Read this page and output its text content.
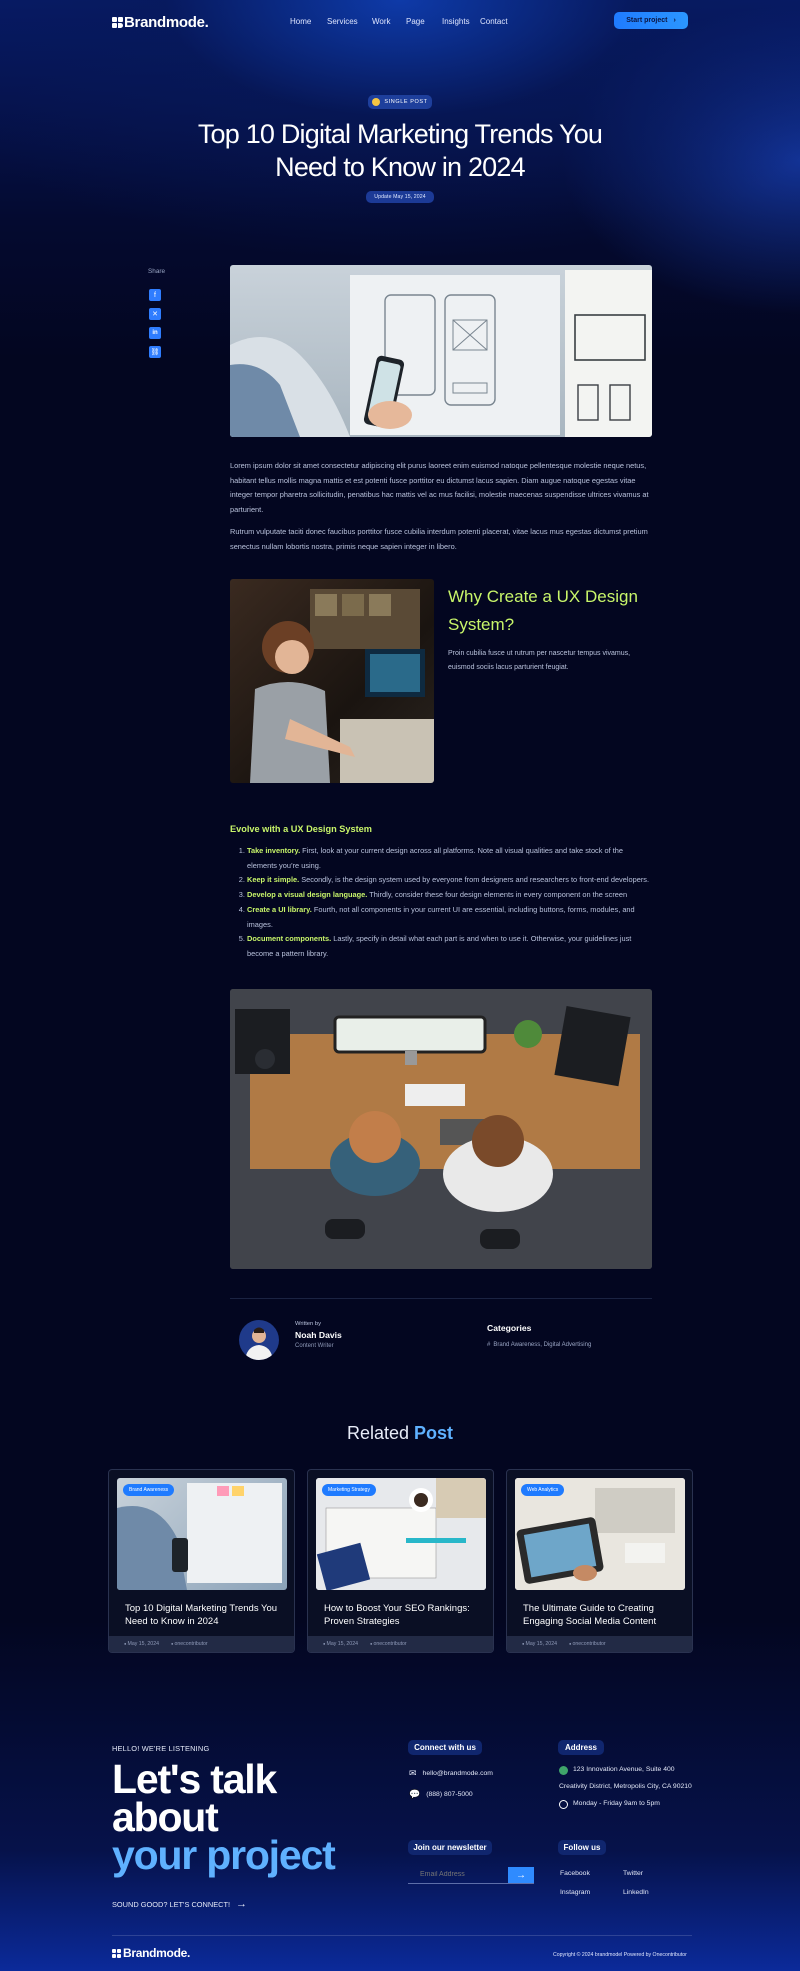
Brandmode.	Home Services Work Page Insights Contact	Start project ›
SINGLE POST
Top 10 Digital Marketing Trends You
Need to Know in 2024
Update May 15, 2024
Share
f
✕
in
⛓

Lorem ipsum dolor sit amet consectetur adipiscing elit purus laoreet enim euismod natoque pellentesque molestie neque netus, habitant tellus mollis magna mattis et est potenti fusce porttitor eu dictumst lacus sapien. Diam augue natoque egestas vitae integer tempor pharetra sollicitudin, penatibus hac mattis vel ac mus facilisi, molestie maecenas suspendisse ultrices vivamus at parturient.

Rutrum vulputate taciti donec faucibus porttitor fusce cubilia interdum potenti placerat, vitae lacus mus egestas dictumst pretium senectus nullam lobortis nostra, primis neque sapien integer in libero.

Why Create a UX Design System?

Proin cubilia fusce ut rutrum per nascetur tempus vivamus, euismod sociis lacus parturient feugiat.

Evolve with a UX Design System
1. Take inventory. First, look at your current design across all platforms. Note all visual qualities and take stock of the elements you’re using.
2. Keep it simple. Secondly, is the design system used by everyone from designers and researchers to front-end developers.
3. Develop a visual design language. Thirdly, consider these four design elements in every component on the screen
4. Create a UI library. Fourth, not all components in your current UI are essential, including buttons, forms, modules, and images.
5. Document components. Lastly, specify in detail what each part is and when to use it. Otherwise, your guidelines just become a pattern library.
Written by
Noah Davis
Content Writer
Categories
# Brand Awareness, Digital Advertising
Related Post
Brand Awareness
Top 10 Digital Marketing Trends You Need to Know in 2024
● May 15, 2024	● onecontributor
Marketing Strategy
How to Boost Your SEO Rankings: Proven Strategies
● May 15, 2024	● onecontributor
Web Analytics
The Ultimate Guide to Creating Engaging Social Media Content
● May 15, 2024	● onecontributor
HELLO! WE'RE LISTENING
Let's talk
about
your project
SOUND GOOD? LET'S CONNECT! →
Connect with us
✉ hello@brandmode.com
💬 (888) 807-5000
Address
123 Innovation Avenue, Suite 400
Creativity District, Metropolis City, CA 90210
Monday - Friday 9am to 5pm
Join our newsletter
Email Address
→
Follow us
Facebook	Twitter
Instagram	LinkedIn
Brandmode.	Copyright © 2024 brandmodel Powered by Onecontributor
